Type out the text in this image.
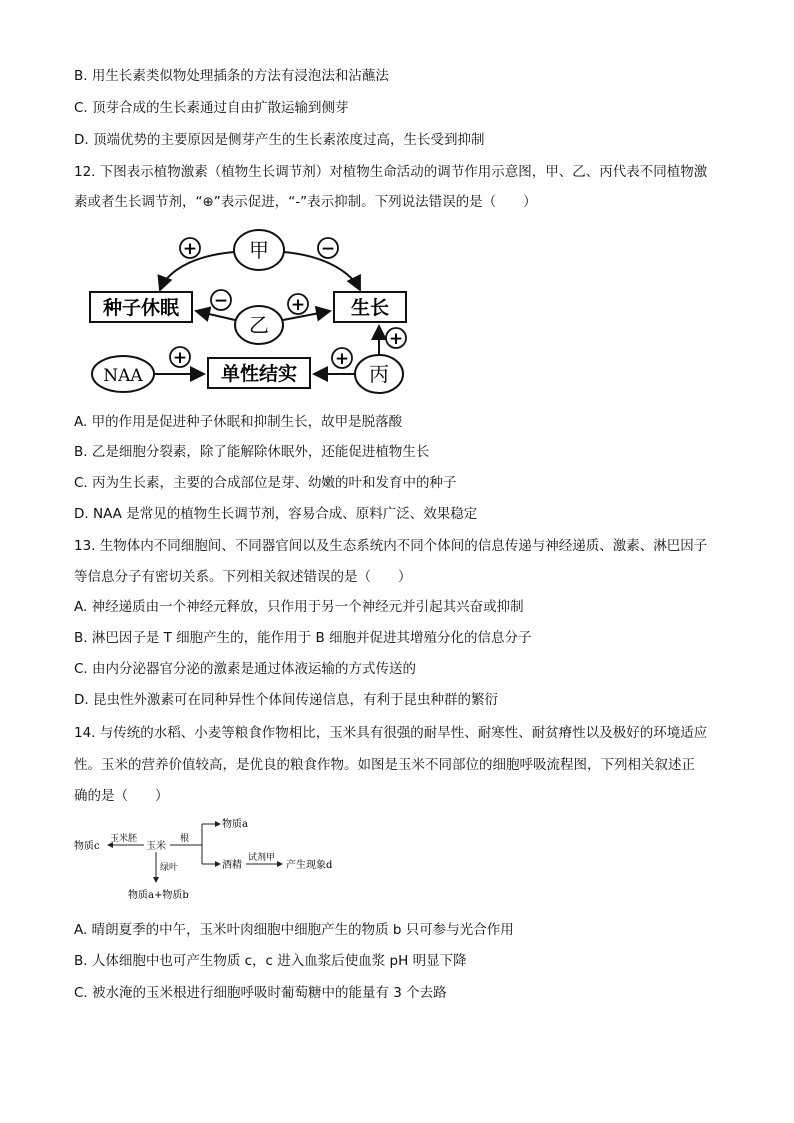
B. 用生长素类似物处理插条的方法有浸泡法和沾蘸法
C. 顶芽合成的生长素通过自由扩散运输到侧芽
D. 顶端优势的主要原因是侧芽产生的生长素浓度过高，生长受到抑制
12. 下图表示植物激素（植物生长调节剂）对植物生命活动的调节作用示意图，甲、乙、丙代表不同植物激
素或者生长调节剂，“⊕”表示促进，“-”表示抑制。下列说法错误的是（　　）
甲
+	−
种子休眠	生长
乙
−	+
NAA
+
单性结实	丙
+
+
A. 甲的作用是促进种子休眠和抑制生长，故甲是脱落酸
B. 乙是细胞分裂素，除了能解除休眠外，还能促进植物生长
C. 丙为生长素，主要的合成部位是芽、幼嫩的叶和发育中的种子
D. NAA 是常见的植物生长调节剂，容易合成、原料广泛、效果稳定
13. 生物体内不同细胞间、不同器官间以及生态系统内不同个体间的信息传递与神经递质、激素、淋巴因子
等信息分子有密切关系。下列相关叙述错误的是（　　）
A. 神经递质由一个神经元释放，只作用于另一个神经元并引起其兴奋或抑制
B. 淋巴因子是 T 细胞产生的，能作用于 B 细胞并促进其增殖分化的信息分子
C. 由内分泌器官分泌的激素是通过体液运输的方式传送的
D. 昆虫性外激素可在同种异性个体间传递信息，有利于昆虫种群的繁衍
14. 与传统的水稻、小麦等粮食作物相比，玉米具有很强的耐旱性、耐寒性、耐贫瘠性以及极好的环境适应
性。玉米的营养价值较高，是优良的粮食作物。如图是玉米不同部位的细胞呼吸流程图，下列相关叙述正
确的是（　　）
物质c
玉米胚
玉米
根
物质a
酒精
试剂甲
产生现象d
绿叶
物质a+物质b
A. 晴朗夏季的中午，玉米叶肉细胞中细胞产生的物质 b 只可参与光合作用
B. 人体细胞中也可产生物质 c，c 进入血浆后使血浆 pH 明显下降
C. 被水淹的玉米根进行细胞呼吸时葡萄糖中的能量有 3 个去路
